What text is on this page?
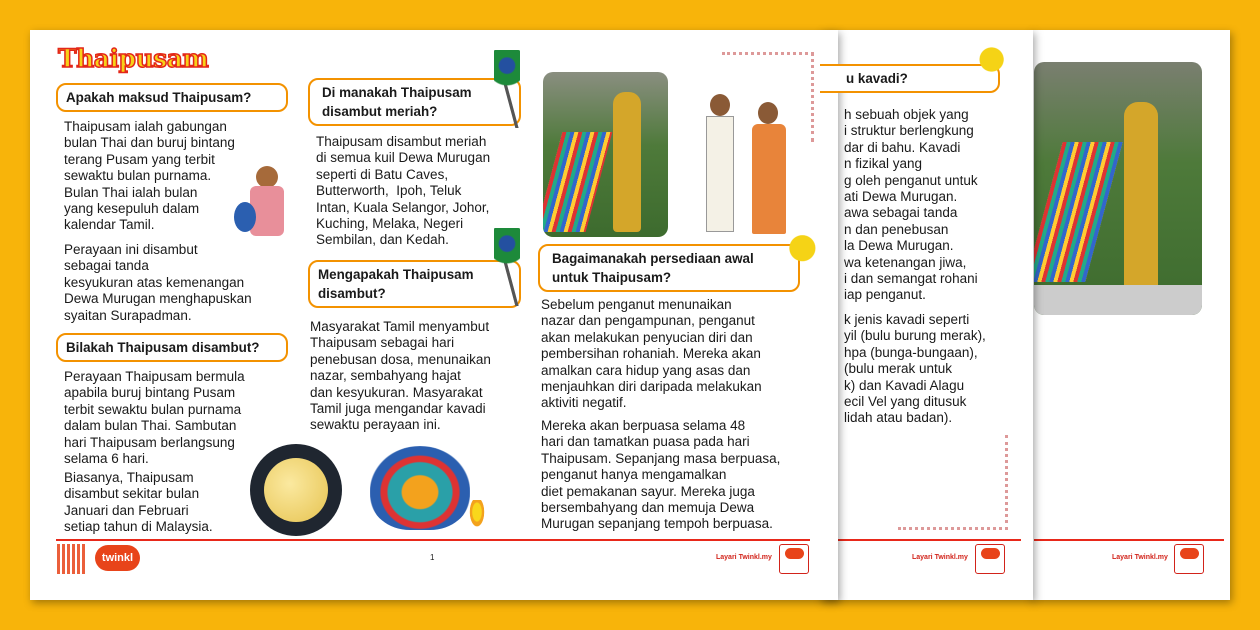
Layari Twinkl.my
u kavadi?
h sebuah objek yang
i struktur berlengkung
dar di bahu. Kavadi
n fizikal yang
g oleh penganut untuk
ati Dewa Murugan.
awa sebagai tanda
n dan penebusan
la Dewa Murugan.
wa ketenangan jiwa,
i dan semangat rohani
iap penganut.
k jenis kavadi seperti
yil (bulu burung merak),
hpa (bunga-bungaan),
(bulu merak untuk
k) dan Kavadi Alagu
ecil Vel yang ditusuk
lidah atau badan).
Layari Twinkl.my
Thaipusam
Apakah maksud Thaipusam?
Thaipusam ialah gabungan
bulan Thai dan buruj bintang
terang Pusam yang terbit
sewaktu bulan purnama.
Bulan Thai ialah bulan
yang kesepuluh dalam
kalendar Tamil.
Perayaan ini disambut
sebagai tanda
kesyukuran atas kemenangan
Dewa Murugan menghapuskan
syaitan Surapadman.
Bilakah Thaipusam disambut?
Perayaan Thaipusam bermula
apabila buruj bintang Pusam
terbit sewaktu bulan purnama
dalam bulan Thai. Sambutan
hari Thaipusam berlangsung
selama 6 hari.
Biasanya, Thaipusam
disambut sekitar bulan
Januari dan Februari
setiap tahun di Malaysia.
Di manakah Thaipusam
disambut meriah?
Thaipusam disambut meriah
di semua kuil Dewa Murugan
seperti di Batu Caves,
Butterworth,  Ipoh, Teluk
Intan, Kuala Selangor, Johor,
Kuching, Melaka, Negeri
Sembilan, dan Kedah.
Mengapakah Thaipusam
disambut?
Masyarakat Tamil menyambut
Thaipusam sebagai hari
penebusan dosa, menunaikan
nazar, sembahyang hajat
dan kesyukuran. Masyarakat
Tamil juga mengandar kavadi
sewaktu perayaan ini.
Bagaimanakah persediaan awal
untuk Thaipusam?
Sebelum penganut menunaikan
nazar dan pengampunan, penganut
akan melakukan penyucian diri dan
pembersihan rohaniah. Mereka akan
amalkan cara hidup yang asas dan
menjauhkan diri daripada melakukan
aktiviti negatif.
Mereka akan berpuasa selama 48
hari dan tamatkan puasa pada hari
Thaipusam. Sepanjang masa berpuasa,
penganut hanya mengamalkan
diet pemakanan sayur. Mereka juga
bersembahyang dan memuja Dewa
Murugan sepanjang tempoh berpuasa.
twinkl	1	Layari Twinkl.my
